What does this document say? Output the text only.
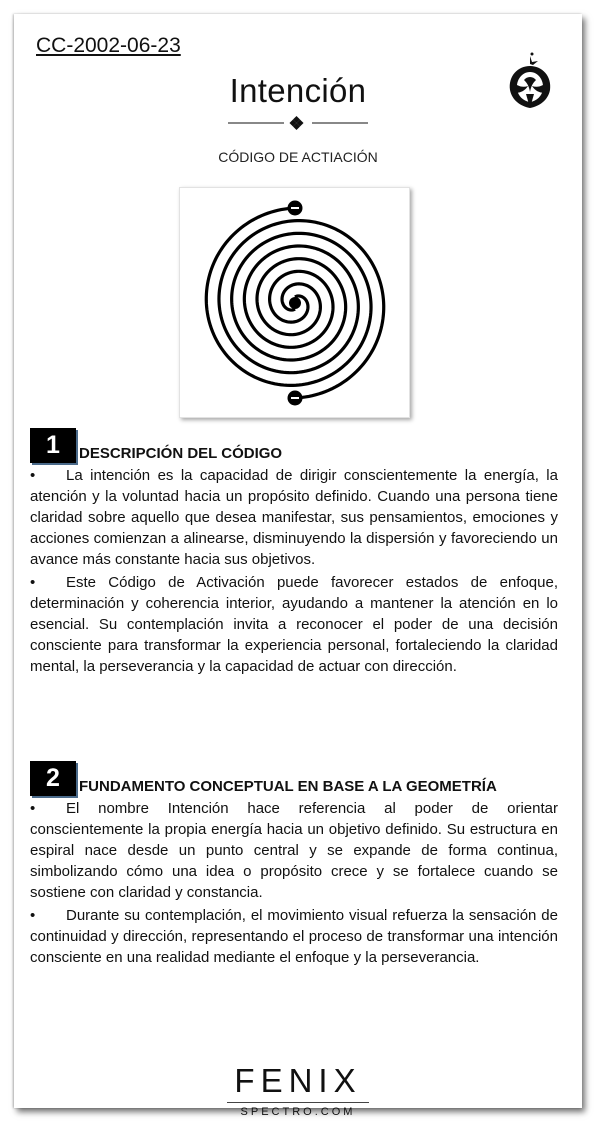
CC-2002-06-23
Intención
CÓDIGO DE ACTIACIÓN
1 DESCRIPCIÓN DEL CÓDIGO

• La intención es la capacidad de dirigir conscientemente la energía, la atención y la voluntad hacia un propósito definido. Cuando una persona tiene claridad sobre aquello que desea manifestar, sus pensamientos, emociones y acciones comienzan a alinearse, disminuyendo la dispersión y favoreciendo un avance más constante hacia sus objetivos.

• Este Código de Activación puede favorecer estados de enfoque, determinación y coherencia interior, ayudando a mantener la atención en lo esencial. Su contemplación invita a reconocer el poder de una decisión consciente para transformar la experiencia personal, fortaleciendo la claridad mental, la perseverancia y la capacidad de actuar con dirección.

2 FUNDAMENTO CONCEPTUAL EN BASE A LA GEOMETRÍA

• El nombre Intención hace referencia al poder de orientar conscientemente la propia energía hacia un objetivo definido. Su estructura en espiral nace desde un punto central y se expande de forma continua, simbolizando cómo una idea o propósito crece y se fortalece cuando se sostiene con claridad y constancia.

• Durante su contemplación, el movimiento visual refuerza la sensación de continuidad y dirección, representando el proceso de transformar una intención consciente en una realidad mediante el enfoque y la perseverancia.

FENIX
SPECTRO.COM
